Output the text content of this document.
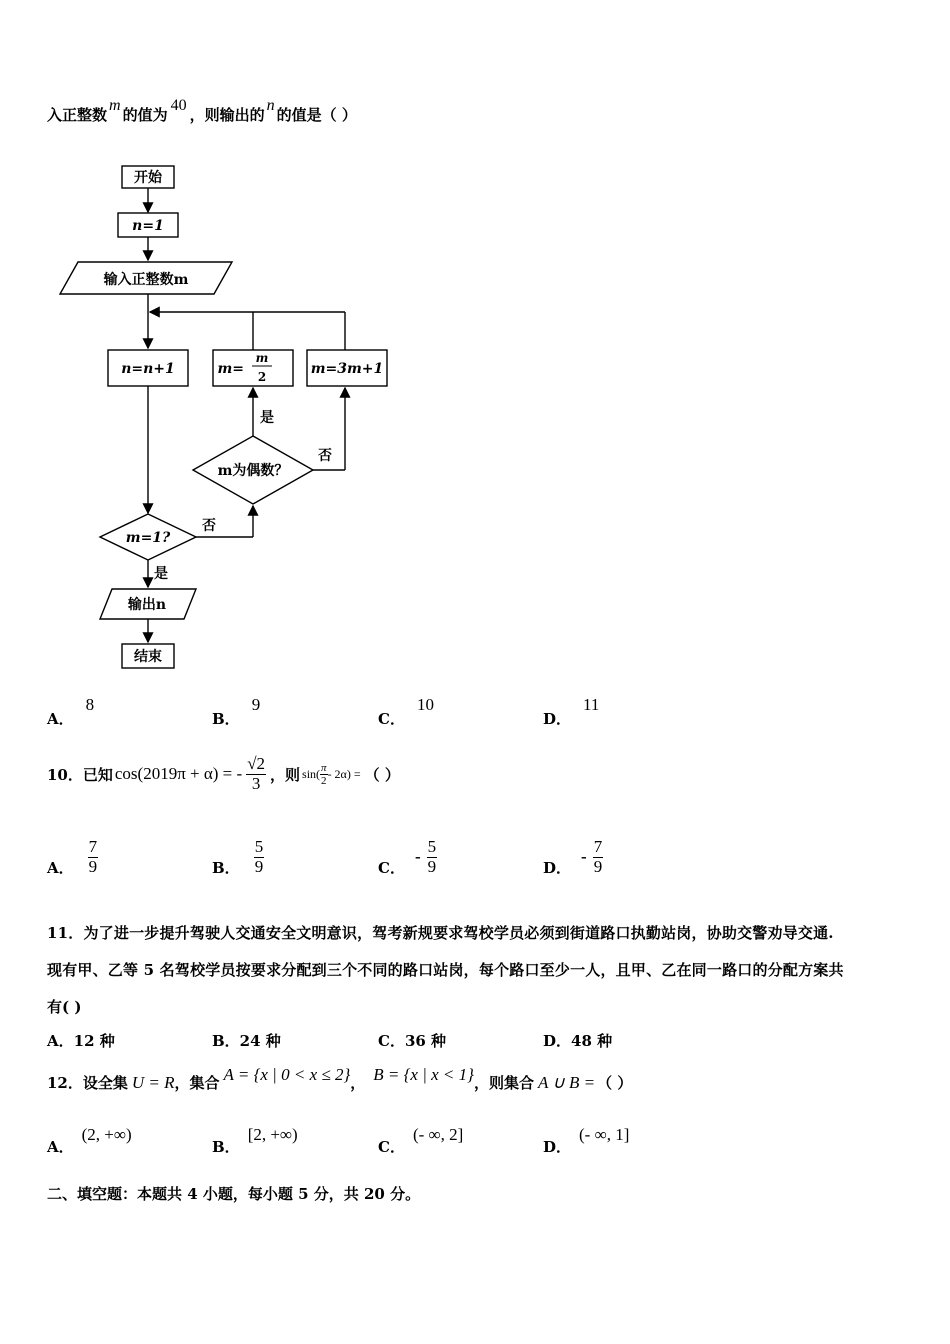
入正整数m的值为40，则输出的n的值是（ ）
开始
n=1
输入正整数m
n=n+1	m=
m
2	m=3m+1
m为偶数？
m=1?
是
否
否
是
输出n
结束
A．8
B．9
C．10
D．11
10．已知 cos(2019π + α) = - $\frac{√2}{3}$ ，则 $\sin( \frac{\pi}{2} - 2\alpha)$ = （ ）
A． $\frac{7}{9}$	B． $\frac{5}{9}$	C．
- $\frac{5}{9}$	D．
- $\frac{7}{9}$
11．为了进一步提升驾驶人交通安全文明意识，驾考新规要求驾校学员必须到街道路口执勤站岗，协助交警劝导交通.
现有甲、乙等 5 名驾校学员按要求分配到三个不同的路口站岗，每个路口至少一人，且甲、乙在同一路口的分配方案共
有( )
A．12 种	B．24 种	C．36 种	D．48 种
12．设全集 U = R ，集合 A = {x | 0 < x ≤ 2} ， B = {x | x < 1} ，则集合 A ∪ B = （ ）
A．(2, +∞)
B．[2, +∞)
C．(- ∞, 2]
D．(- ∞, 1]
二、填空题：本题共 4 小题，每小题 5 分，共 20 分。
